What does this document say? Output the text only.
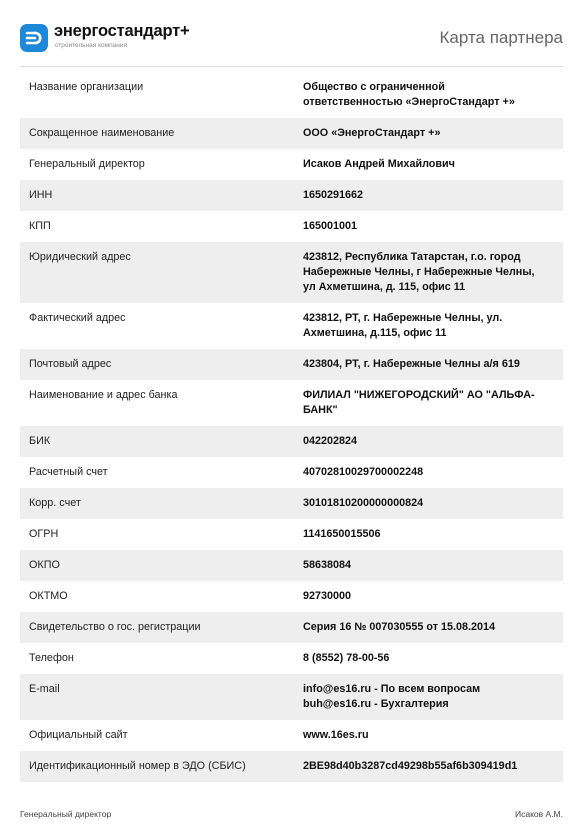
энергостандарт+
строительная компания	Карта партнера
Название организации	Общество с ограниченной
ответственностью «ЭнергоСтандарт +»

Сокращенное наименование	ООО «ЭнергоСтандарт +»

Генеральный директор	Исаков Андрей Михайлович

ИНН	1650291662

КПП	165001001

Юридический адрес	423812, Республика Татарстан, г.о. город
Набережные Челны, г Набережные Челны,
ул Ахметшина, д. 115, офис 11

Фактический адрес	423812, РТ, г. Набережные Челны, ул.
Ахметшина, д.115, офис 11

Почтовый адрес	423804, РТ, г. Набережные Челны а/я 619

Наименование и адрес банка	ФИЛИАЛ "НИЖЕГОРОДСКИЙ" АО "АЛЬФА-
БАНК"

БИК	042202824

Расчетный счет	40702810029700002248

Корр. счет	30101810200000000824

ОГРН	1141650015506

ОКПО	58638084

ОКТМО	92730000

Свидетельство о гос. регистрации	Серия 16 № 007030555 от 15.08.2014

Телефон	8 (8552) 78-00-56

E-mail	info@es16.ru - По всем вопросам
buh@es16.ru - Бухгалтерия

Официальный сайт	www.16es.ru

Идентификационный номер в ЭДО (СБИС)	2BE98d40b3287cd49298b55af6b309419d1
Генеральный директор	Исаков А.М.
